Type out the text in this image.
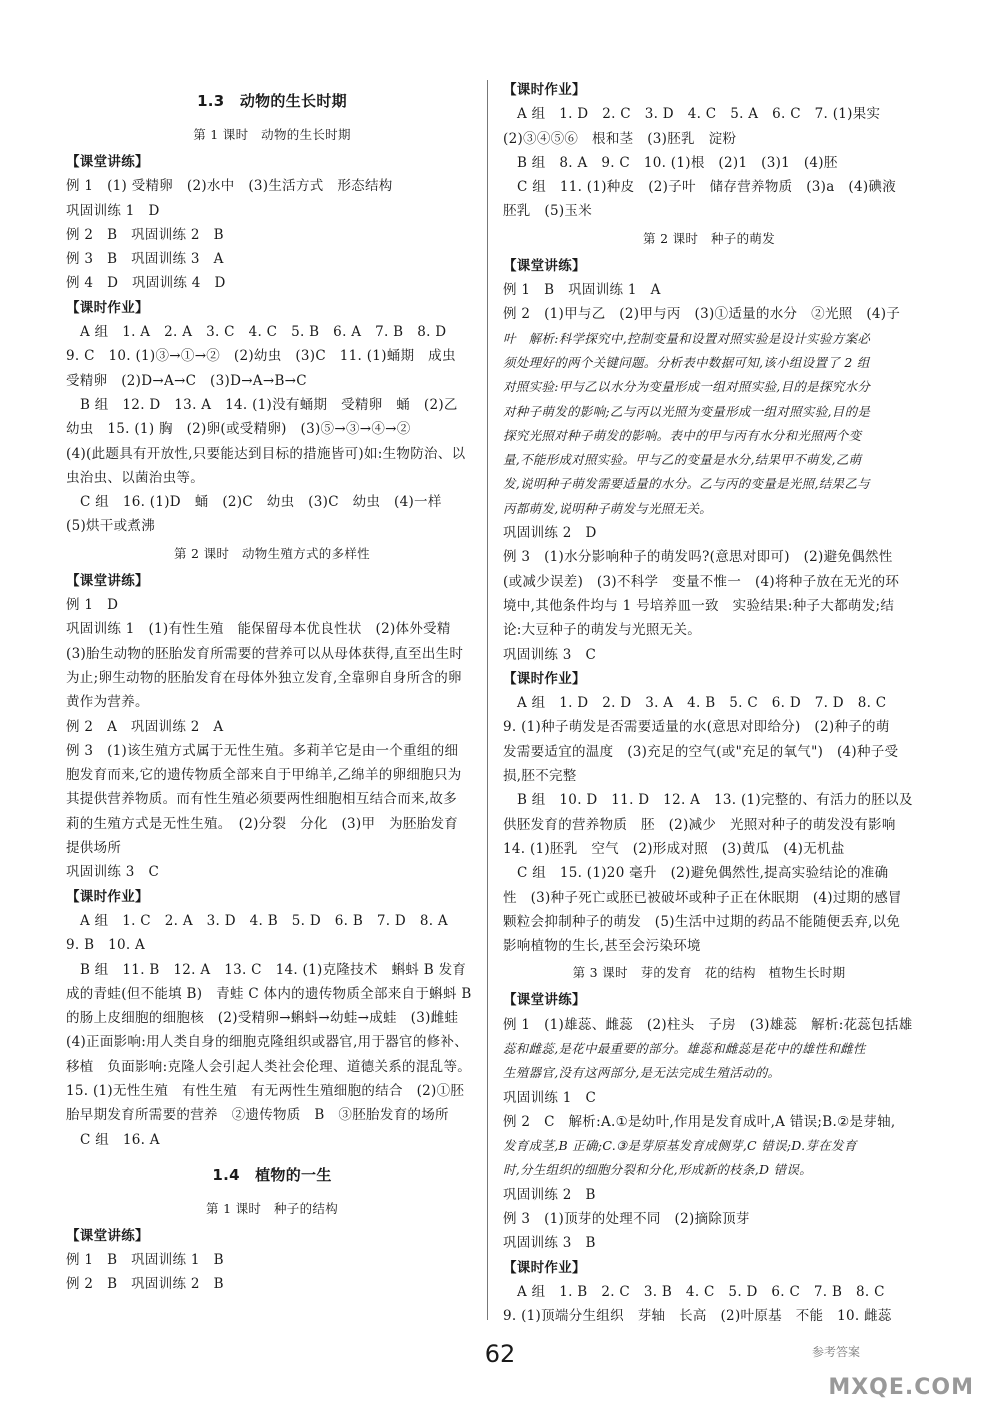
1.3　动物的生长时期
第 1 课时　动物的生长时期
【课堂讲练】
例 1　(1) 受精卵　(2)水中　(3)生活方式　形态结构
巩固训练 1　D
例 2　B　巩固训练 2　B
例 3　B　巩固训练 3　A
例 4　D　巩固训练 4　D
【课时作业】
A 组　1. A　2. A　3. C　4. C　5. B　6. A　7. B　8. D
9. C　10. (1)③→①→②　(2)幼虫　(3)C　11. (1)蛹期　成虫
受精卵　(2)D→A→C　(3)D→A→B→C
B 组　12. D　13. A　14. (1)没有蛹期　受精卵　蛹　(2)乙
幼虫　15. (1) 胸　(2)卵(或受精卵)　(3)⑤→③→④→②
(4)(此题具有开放性,只要能达到目标的措施皆可)如:生物防治、以
虫治虫、以菌治虫等。
C 组　16. (1)D　蛹　(2)C　幼虫　(3)C　幼虫　(4)一样
(5)烘干或煮沸
第 2 课时　动物生殖方式的多样性
【课堂讲练】
例 1　D
巩固训练 1　(1)有性生殖　能保留母本优良性状　(2)体外受精
(3)胎生动物的胚胎发育所需要的营养可以从母体获得,直至出生时
为止;卵生动物的胚胎发育在母体外独立发育,全靠卵自身所含的卵
黄作为营养。
例 2　A　巩固训练 2　A
例 3　(1)该生殖方式属于无性生殖。多莉羊它是由一个重组的细
胞发育而来,它的遗传物质全部来自于甲绵羊,乙绵羊的卵细胞只为
其提供营养物质。而有性生殖必须要两性细胞相互结合而来,故多
莉的生殖方式是无性生殖。　(2)分裂　分化　(3)甲　为胚胎发育
提供场所
巩固训练 3　C
【课时作业】
A 组　1. C　2. A　3. D　4. B　5. D　6. B　7. D　8. A
9. B　10. A
B 组　11. B　12. A　13. C　14. (1)克隆技术　蝌蚪 B 发育
成的青蛙(但不能填 B)　青蛙 C 体内的遗传物质全部来自于蝌蚪 B
的肠上皮细胞的细胞核　(2)受精卵→蝌蚪→幼蛙→成蛙　(3)雌蛙
(4)正面影响:用人类自身的细胞克隆组织或器官,用于器官的修补、
移植　负面影响:克隆人会引起人类社会伦理、道德关系的混乱等。
15. (1)无性生殖　有性生殖　有无两性生殖细胞的结合　(2)①胚
胎早期发育所需要的营养　②遗传物质　B　③胚胎发育的场所
C 组　16. A
1.4　植物的一生
第 1 课时　种子的结构
【课堂讲练】
例 1　B　巩固训练 1　B
例 2　B　巩固训练 2　B
【课时作业】
A 组　1. D　2. C　3. D　4. C　5. A　6. C　7. (1)果实
(2)③④⑤⑥　根和茎　(3)胚乳　淀粉
B 组　8. A　9. C　10. (1)根　(2)1　(3)1　(4)胚
C 组　11. (1)种皮　(2)子叶　储存营养物质　(3)a　(4)碘液
胚乳　(5)玉米
第 2 课时　种子的萌发
【课堂讲练】
例 1　B　巩固训练 1　A
例 2　(1)甲与乙　(2)甲与丙　(3)①适量的水分　②光照　(4)子
叶　解析:科学探究中,控制变量和设置对照实验是设计实验方案必
须处理好的两个关键问题。分析表中数据可知,该小组设置了 2 组
对照实验:甲与乙以水分为变量形成一组对照实验,目的是探究水分
对种子萌发的影响;乙与丙以光照为变量形成一组对照实验,目的是
探究光照对种子萌发的影响。表中的甲与丙有水分和光照两个变
量,不能形成对照实验。甲与乙的变量是水分,结果甲不萌发,乙萌
发,说明种子萌发需要适量的水分。乙与丙的变量是光照,结果乙与
丙都萌发,说明种子萌发与光照无关。
巩固训练 2　D
例 3　(1)水分影响种子的萌发吗?(意思对即可)　(2)避免偶然性
(或减少误差)　(3)不科学　变量不惟一　(4)将种子放在无光的环
境中,其他条件均与 1 号培养皿一致　实验结果:种子大都萌发;结
论:大豆种子的萌发与光照无关。
巩固训练 3　C
【课时作业】
A 组　1. D　2. D　3. A　4. B　5. C　6. D　7. D　8. C
9. (1)种子萌发是否需要适量的水(意思对即给分)　(2)种子的萌
发需要适宜的温度　(3)充足的空气(或"充足的氧气")　(4)种子受
损,胚不完整
B 组　10. D　11. D　12. A　13. (1)完整的、有活力的胚以及
供胚发育的营养物质　胚　(2)减少　光照对种子的萌发没有影响
14. (1)胚乳　空气　(2)形成对照　(3)黄瓜　(4)无机盐
C 组　15. (1)20 毫升　(2)避免偶然性,提高实验结论的准确
性　(3)种子死亡或胚已被破坏或种子正在休眠期　(4)过期的感冒
颗粒会抑制种子的萌发　(5)生活中过期的药品不能随便丢弃,以免
影响植物的生长,甚至会污染环境
第 3 课时　芽的发育　花的结构　植物生长时期
【课堂讲练】
例 1　(1)雄蕊、雌蕊　(2)柱头　子房　(3)雄蕊　解析:花蕊包括雄
蕊和雌蕊,是花中最重要的部分。雄蕊和雌蕊是花中的雄性和雌性
生殖器官,没有这两部分,是无法完成生殖活动的。
巩固训练 1　C
例 2　C　解析:A.①是幼叶,作用是发育成叶,A 错误;B.②是芽轴,
发育成茎,B 正确;C.③是芽原基发育成侧芽,C 错误;D.芽在发育
时,分生组织的细胞分裂和分化,形成新的枝条,D 错误。
巩固训练 2　B
例 3　(1)顶芽的处理不同　(2)摘除顶芽
巩固训练 3　B
【课时作业】
A 组　1. B　2. C　3. B　4. C　5. D　6. C　7. B　8. C
9. (1)顶端分生组织　芽轴　长高　(2)叶原基　不能　10. 雌蕊
62	参考答案
MXQE.COM
